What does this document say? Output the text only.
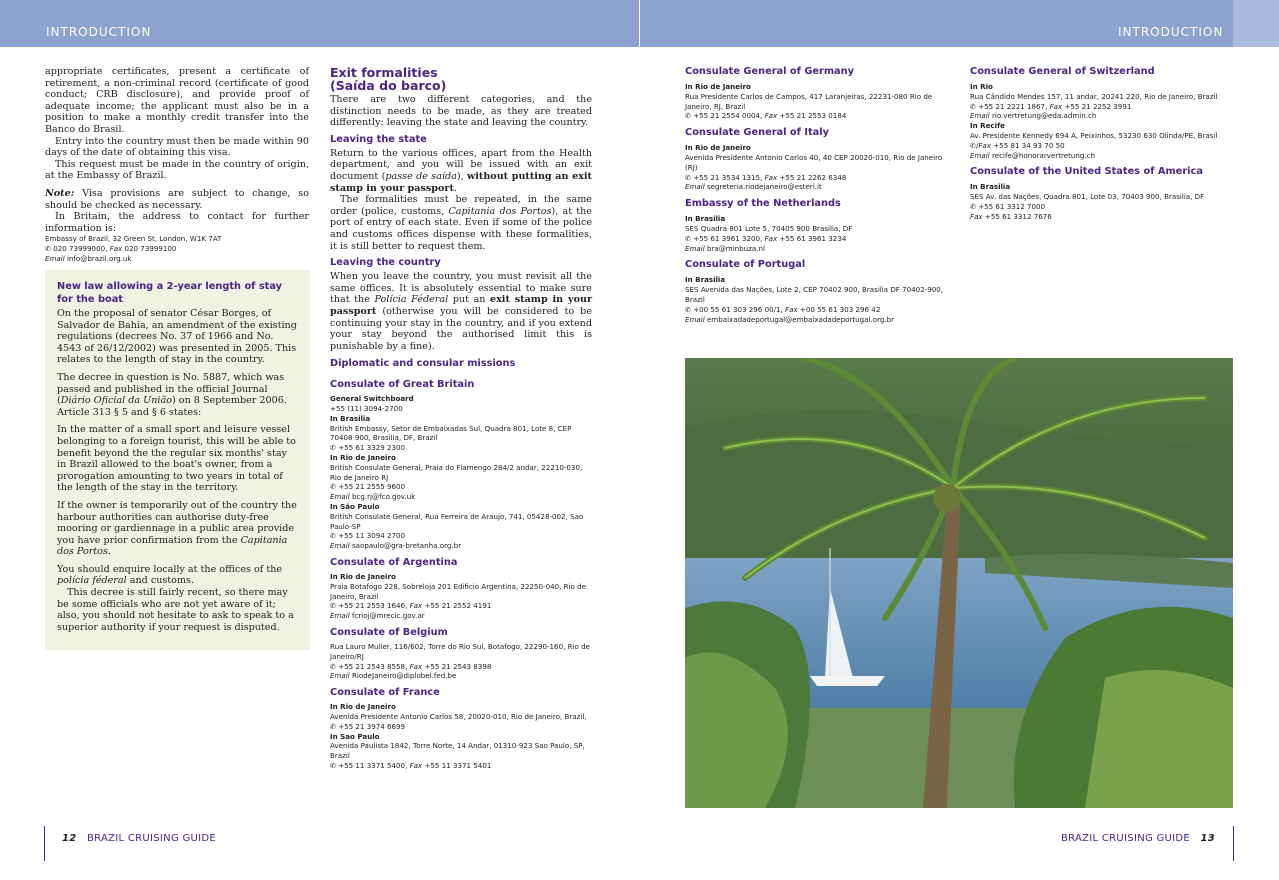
INTRODUCTION	INTRODUCTION

appropriate certificates, present a certificate of retirement, a non-criminal record (certificate of good conduct; CRB disclosure), and provide proof of adequate income; the applicant must also be in a position to make a monthly credit transfer into the Banco do Brasil.

Entry into the country must then be made within 90 days of the date of obtaining this visa.

This request must be made in the country of origin, at the Embassy of Brazil.

Note: Visa provisions are subject to change, so should be checked as necessary.

In Britain, the address to contact for further information is:

Embassy of Brazil, 32 Green St, London, W1K 7AT
✆ 020 73999000, Fax 020 73999100
Email info@brazil.org.uk
New law allowing a 2-year length of stay for the boat

On the proposal of senator César Borges, of Salvador de Bahia, an amendment of the existing regulations (decrees No. 37 of 1966 and No. 4543 of 26/12/2002) was presented in 2005. This relates to the length of stay in the country.

The decree in question is No. 5887, which was passed and published in the official Journal (Diário Oficial da União) on 8 September 2006. Article 313 § 5 and § 6 states:

In the matter of a small sport and leisure vessel belonging to a foreign tourist, this will be able to benefit beyond the the regular six months' stay in Brazil allowed to the boat's owner, from a prorogation amounting to two years in total of the length of the stay in the territory.

If the owner is temporarily out of the country the harbour authorities can authorise duty-free mooring or gardiennage in a public area provide you have prior confirmation from the Capitania dos Portos.

You should enquire locally at the offices of the polícia féderal and customs.

This decree is still fairly recent, so there may be some officials who are not yet aware of it; also, you should not hesitate to ask to speak to a superior authority if your request is disputed.

Exit formalities
(Saída do barco)

There are two different categories, and the distinction needs to be made, as they are treated differently: leaving the state and leaving the country.

Leaving the state

Return to the various offices, apart from the Health department, and you will be issued with an exit document (passe de saída), without putting an exit stamp in your passport.

The formalities must be repeated, in the same order (police, customs, Capitania dos Portos), at the port of entry of each state. Even if some of the police and customs offices dispense with these formalities, it is still better to request them.

Leaving the country

When you leave the country, you must revisit all the same offices. It is absolutely essential to make sure that the Polícia Féderal put an exit stamp in your passport (otherwise you will be considered to be continuing your stay in the country, and if you extend your stay beyond the authorised limit this is punishable by a fine).

Diplomatic and consular missions
Consulate of Great Britain
General Switchboard
+55 (11) 3094-2700
In Brasilia
British Embassy, Setor de Embaixadas Sul, Quadra 801, Lote 8, CEP 70408 900, Brasilia, DF, Brazil
✆ +55 61 3329 2300
In Rio de Janeiro
British Consulate General, Praia do Flamengo 284/2 andar, 22210-030, Rio de Janeiro RJ
✆ +55 21 2555 9600
Email bcg.rj@fco.gov.uk
In São Paulo
British Consulate General, Rua Ferreira de Araujo, 741, 05428-002, Sao Paulo-SP
✆ +55 11 3094 2700
Email saopaulo@gra-bretanha.org.br
Consulate of Argentina
In Rio de Janeiro
Praia Botafogo 228, Sobreloja 201 Edificio Argentina, 22250-040, Rio de Janeiro, Brazil
✆ +55 21 2553 1646, Fax +55 21 2552 4191
Email fcrioj@mrecic.gov.ar
Consulate of Belgium
Rua Lauro Muller, 116/602, Torre do Rio Sul, Botafogo, 22290-160, Rio de Janeiro/RJ
✆ +55 21 2543 8558, Fax +55 21 2543 8398
Email RiodeJaneiro@diplobel.fed.be
Consulate of France
In Rio de Janeiro
Avenida Presidente Antonio Carlos 58, 20020-010, Rio de Janeiro, Brazil,
✆ +55 21 3974 6699
In Sao Paulo
Avenida Paulista 1842, Torre Norte, 14 Andar, 01310-923 Sao Paulo, SP, Brazil
✆ +55 11 3371 5400, Fax +55 11 3371 5401
Consulate General of Germany
In Rio de Janeiro
Rua Presidente Carlos de Campos, 417 Laranjeiras, 22231-080 Rio de Janeiro, RJ, Brazil
✆ +55 21 2554 0004, Fax +55 21 2553 0184
Consulate General of Italy
In Rio de Janeiro
Avenida Presidente Antonio Carlos 40, 40 CEP 20020-010, Rio de Janeiro (RJ)
✆ +55 21 3534 1315, Fax +55 21 2262 6348
Email segreteria.riodejaneiro@esteri.it
Embassy of the Netherlands
In Brasilia
SES Quadra 801 Lote 5, 70405 900 Brasilia, DF
✆ +55 61 3961 3200, Fax +55 61 3961 3234
Email bra@minbuza.nl
Consulate of Portugal
In Brasilia
SES Avenida das Nações, Lote 2, CEP 70402 900, Brasilia DF 70402-900, Brazil
✆ +00 55 61 303 296 00/1, Fax +00 55 61 303 296 42
Email embaixadadeportugal@embaixadadeportugal.org.br
Consulate General of Switzerland
In Rio
Rua Cândido Mendes 157, 11 andar, 20241 220, Rio de Janeiro, Brazil
✆ +55 21 2221 1867, Fax +55 21 2252 3991
Email rio.vertretung@eda.admin.ch
In Recife
Av. Presidente Kennedy 694 A, Peixinhos, 53230 630 Olinda/PE, Brasil
✆/Fax +55 81 34 93 70 50
Email recife@honorarvertretung.ch
Consulate of the United States of America
In Brasilia
SES Av. das Nações, Quadra 801, Lote 03, 70403 900, Brasilia, DF
✆ +55 61 3312 7000
Fax +55 61 3312 7676
12 BRAZIL CRUISING GUIDE	BRAZIL CRUISING GUIDE 13
